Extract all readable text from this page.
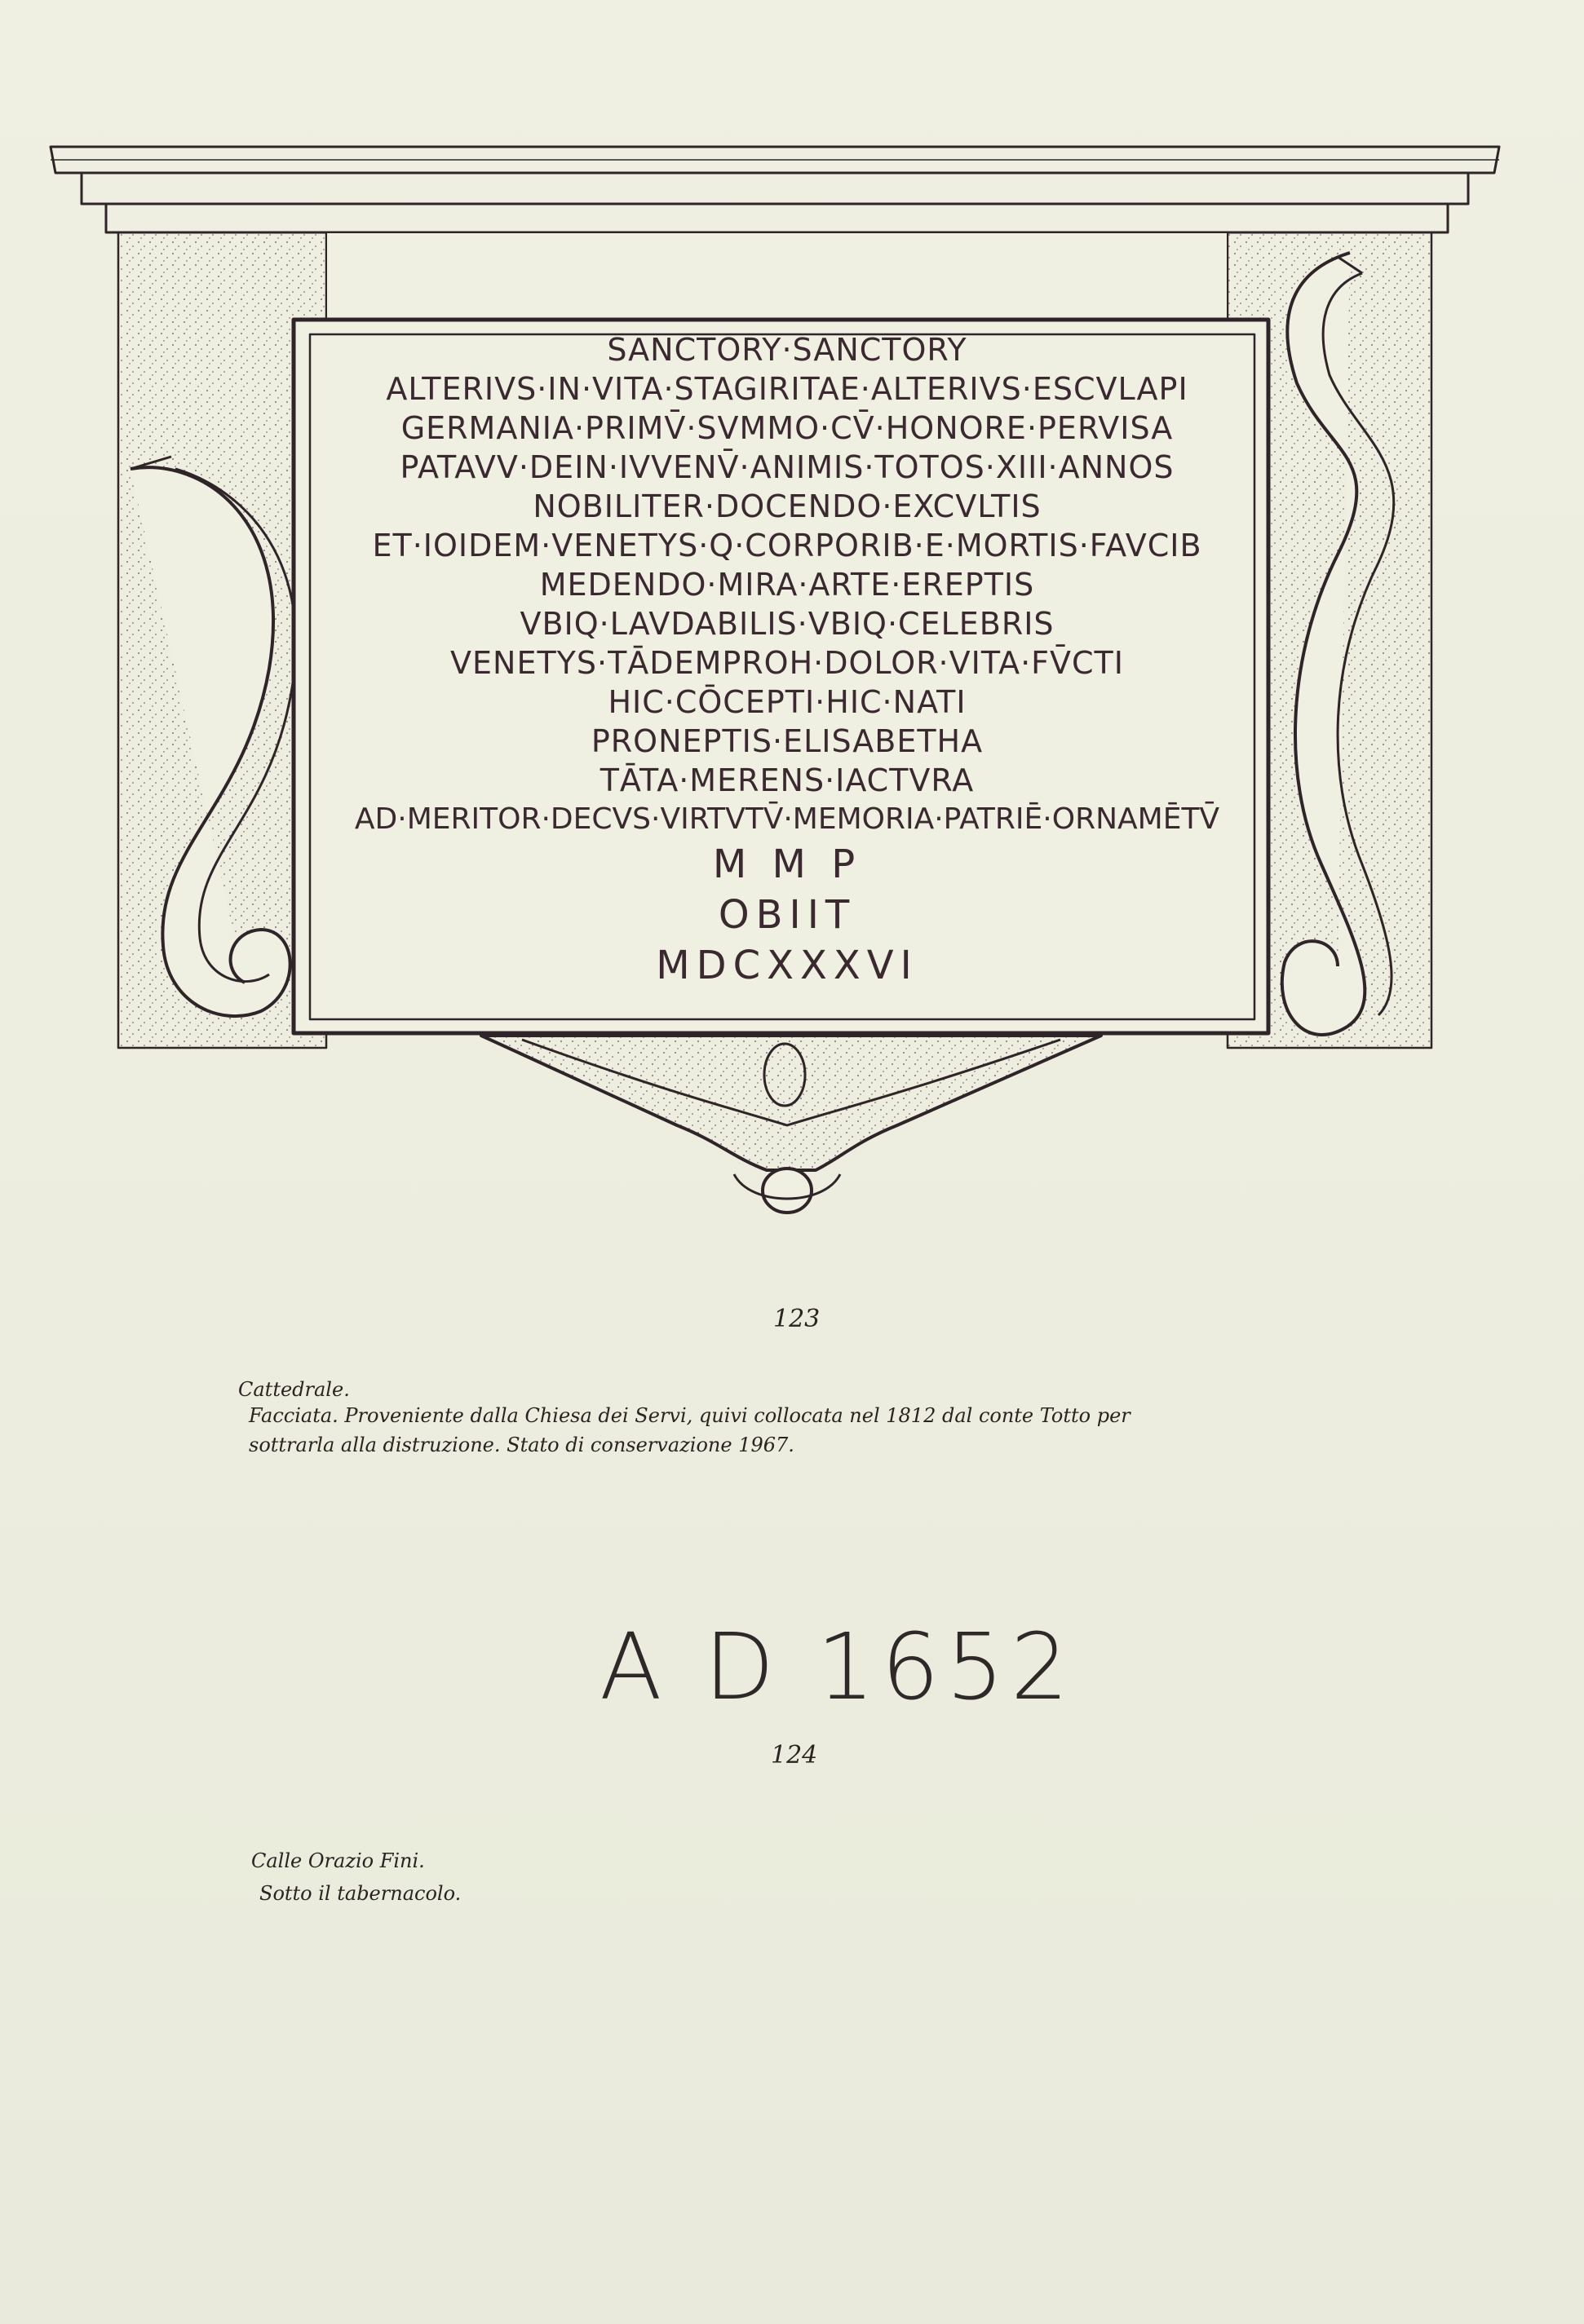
SANCTORY·SANCTORY
ALTERIVS·IN·VITA·STAGIRITAE·ALTERIVS·ESCVLAPI
GERMANIA·PRIMV̄·SVMMO·CV̄·HONORE·PERVISA
PATAVV·DEIN·IVVENV̄·ANIMIS·TOTOS·XIII·ANNOS
NOBILITER·DOCENDO·EXCVLTIS
ET·IOIDEM·VENETYS·Q·CORPORIB·E·MORTIS·FAVCIB
MEDENDO·MIRA·ARTE·EREPTIS
VBIQ·LAVDABILIS·VBIQ·CELEBRIS
VENETYS·TĀDEMPROH·DOLOR·VITA·FV̄CTI
HIC·CŌCEPTI·HIC·NATI
PRONEPTIS·ELISABETHA
TĀTA·MERENS·IACTVRA
AD·MERITOR·DECVS·VIRTVTV̄·MEMORIA·PATRIĒ·ORNAMĒTV̄
M M P
OBIIT
MDCXXXVI
123
Cattedrale.
Facciata. Proveniente dalla Chiesa dei Servi, quivi collocata nel 1812 dal conte Totto per
sottrarla alla distruzione. Stato di conservazione 1967.
A D 1652
124
Calle Orazio Fini.
Sotto il tabernacolo.
